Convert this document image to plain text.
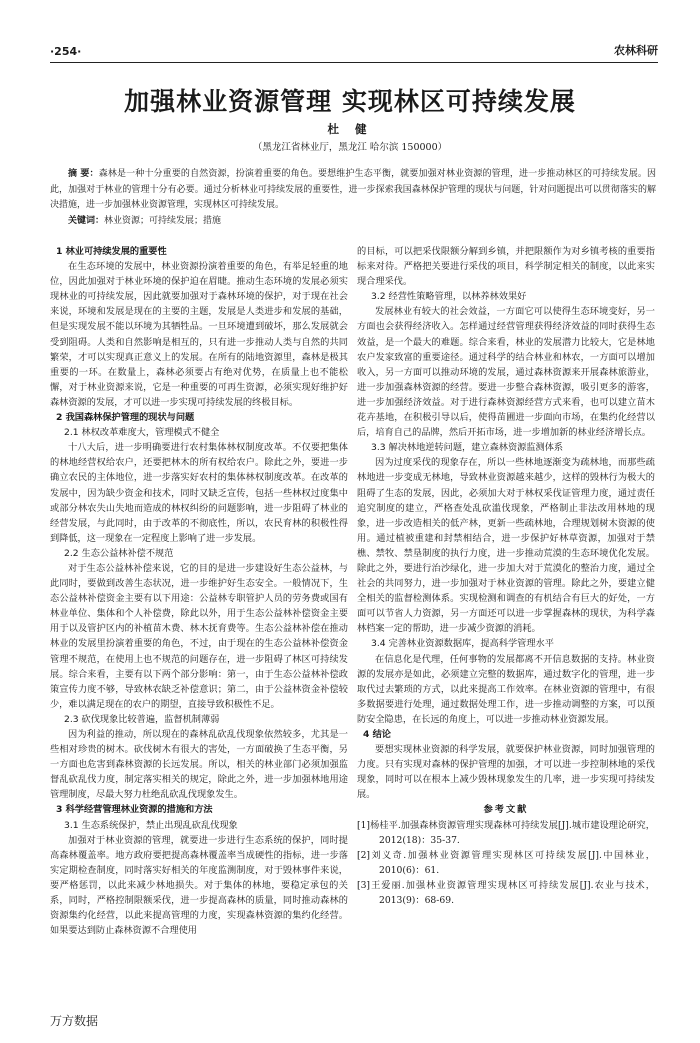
·254·	农林科研
加强林业资源管理 实现林区可持续发展
杜 健
（黑龙江省林业厅，黑龙江 哈尔滨 150000）
摘 要：森林是一种十分重要的自然资源，扮演着重要的角色。要想维护生态平衡，就要加强对林业资源的管理，进一步推动林区的可持续发展。因此，加强对于林业的管理十分有必要。通过分析林业可持续发展的重要性，进一步探索我国森林保护管理的现状与问题，针对问题提出可以贯彻落实的解决措施，进一步加强林业资源管理，实现林区可持续发展。
关键词：林业资源；可持续发展；措施

1 林业可持续发展的重要性

在生态环境的发展中，林业资源扮演着重要的角色，有举足轻重的地位，因此加强对于林业环境的保护迫在眉睫。推动生态环境的发展必须实现林业的可持续发展，因此就要加强对于森林环境的保护，对于现在社会来说，环境和发展是现在的主要的主题，发展是人类进步和发展的基础，但是实现发展不能以环境为其牺牲品。一旦环境遭到破坏，那么发展就会受到阻碍。人类和自然影响是相互的，只有进一步推动人类与自然的共同繁荣，才可以实现真正意义上的发展。在所有的陆地资源里，森林是极其重要的一环。在数量上，森林必须要占有绝对优势，在质量上也不能松懈，对于林业资源来说，它是一种重要的可再生资源，必须实现好维护好森林资源的发展，才可以进一步实现可持续发展的终极目标。

2 我国森林保护管理的现状与问题

2.1 林权改革难度大，管理模式不健全

十八大后，进一步明确要进行农村集体林权制度改革。不仅要把集体的林地经营权给农户，还要把林木的所有权给农户。除此之外，要进一步确立农民的主体地位，进一步落实好农村的集体林权制度改革。在改革的发展中，因为缺少资金和技术，同时又缺乏宣传，包括一些林权过度集中或部分林农失山失地而造成的林权纠纷的问题影响，进一步阻碍了林业的经营发展，与此同时，由于改革的不彻底性，所以，农民育林的积极性得到降低，这一现象在一定程度上影响了进一步发展。

2.2 生态公益林补偿不规范

对于生态公益林补偿来说，它的目的是进一步建设好生态公益林，与此同时，要做到改善生态状况，进一步维护好生态安全。一般情况下，生态公益林补偿资金主要有以下用途：公益林专职管护人员的劳务费或国有林业单位、集体和个人补偿费，除此以外，用于生态公益林补偿资金主要用于以及管护区内的补植苗木费、林木抚育费等。生态公益林补偿在推动林业的发展里扮演着重要的角色，不过，由于现在的生态公益林补偿资金管理不规范，在使用上也不规范的问题存在，进一步阻碍了林区可持续发展。综合来看，主要有以下两个部分影响：第一，由于生态公益林补偿政策宣传力度不够，导致林农缺乏补偿意识；第二，由于公益林资金补偿较少，难以满足现在的农户的期望，直接导致积极性不足。

2.3 砍伐现象比较普遍，监督机制薄弱

因为利益的推动，所以现在的森林乱砍乱伐现象依然较多，尤其是一些相对珍贵的树木。砍伐树木有很大的害处，一方面破换了生态平衡，另一方面也危害到森林资源的长远发展。所以，相关的林业部门必须加强监督乱砍乱伐力度，制定落实相关的规定，除此之外，进一步加强林地用途管理制度，尽最大努力杜绝乱砍乱伐现象发生。

3 科学经营管理林业资源的措施和方法

3.1 生态系统保护，禁止出现乱砍乱伐现象

加强对于林业资源的管理，就要进一步进行生态系统的保护，同时提高森林覆盖率。地方政府要把提高森林覆盖率当成硬性的指标，进一步落实定期检查制度，同时落实好相关的年度监测制度，对于毁林事件来说，要严格惩罚，以此来减少林地损失。对于集体的林地，要稳定承包的关系，同时，严格控制限额采伐，进一步提高森林的质量，同时推动森林的资源集约化经营，以此来提高管理的力度，实现森林资源的集约化经营。如果要达到防止森林资源不合理使用

的目标，可以把采伐限额分解到乡镇，并把限额作为对乡镇考核的重要指标来对待。严格把关要进行采伐的项目，科学制定相关的制度，以此来实现合理采伐。

3.2 经营性策略管理，以林养林效果好

发展林业有较大的社会效益，一方面它可以使得生态环境变好，另一方面也会获得经济收入。怎样通过经营管理获得经济效益的同时获得生态效益，是一个最大的难题。综合来看，林业的发展潜力比较大，它是林地农户发家致富的重要途径。通过科学的结合林业和林农，一方面可以增加收入，另一方面可以推动环境的发展，通过森林资源来开展森林旅游业，进一步加强森林资源的经营。要进一步整合森林资源，吸引更多的游客，进一步加强经济效益。对于进行森林资源经营方式来看，也可以建立苗木花卉基地，在积极引导以后，使得苗圃进一步面向市场，在集约化经营以后，培育自己的品牌，然后开拓市场，进一步增加新的林业经济增长点。

3.3 解决林地逆转问题，建立森林资源监测体系

因为过度采伐的现象存在，所以一些林地逐渐变为疏林地，而那些疏林地进一步变成无林地，导致林业资源越来越少，这样的毁林行为极大的阻碍了生态的发展，因此，必须加大对于林权采伐证管理力度，通过责任追究制度的建立，严格查处乱砍滥伐现象，严格制止非法改用林地的现象，进一步改造相关的低产林，更新一些疏林地，合理规划树木资源的使用。通过植被重建和封禁相结合，进一步保护好林草资源，加强对于禁樵、禁牧、禁垦制度的执行力度，进一步推动荒漠的生态环境优化发展。除此之外，要进行治沙绿化，进一步加大对于荒漠化的整治力度，通过全社会的共同努力，进一步加强对于林业资源的管理。除此之外，要建立健全相关的监督检测体系。实现检测和调查的有机结合有巨大的好处，一方面可以节省人力资源，另一方面还可以进一步掌握森林的现状，为科学森林档案一定的帮助，进一步减少资源的消耗。

3.4 完善林业资源数据库，提高科学管理水平

在信息化是代理，任何事物的发展都离不开信息数据的支持。林业资源的发展亦是如此，必须建立完整的数据库，通过数字化的管理，进一步取代过去繁琐的方式，以此来提高工作效率。在林业资源的管理中，有很多数据要进行处理，通过数据处理工作，进一步推动调整的方案，可以预防安全隐患，在长远的角度上，可以进一步推动林业资源发展。

4 结论

要想实现林业资源的科学发展，就要保护林业资源，同时加强管理的力度。只有实现对森林的保护管理的加强，才可以进一步控制林地的采伐现象，同时可以在根本上减少毁林现象发生的几率，进一步实现可持续发展。

参考文献

[1]杨桂平.加强森林资源管理实现森林可持续发展[J].城市建设理论研究，2012(18)：35-37.

[2]刘义奇.加强林业资源管理实现林区可持续发展[J].中国林业，2010(6)：61.

[3]王爱丽.加强林业资源管理实现林区可持续发展[J].农业与技术，2013(9)：68-69.

万方数据
